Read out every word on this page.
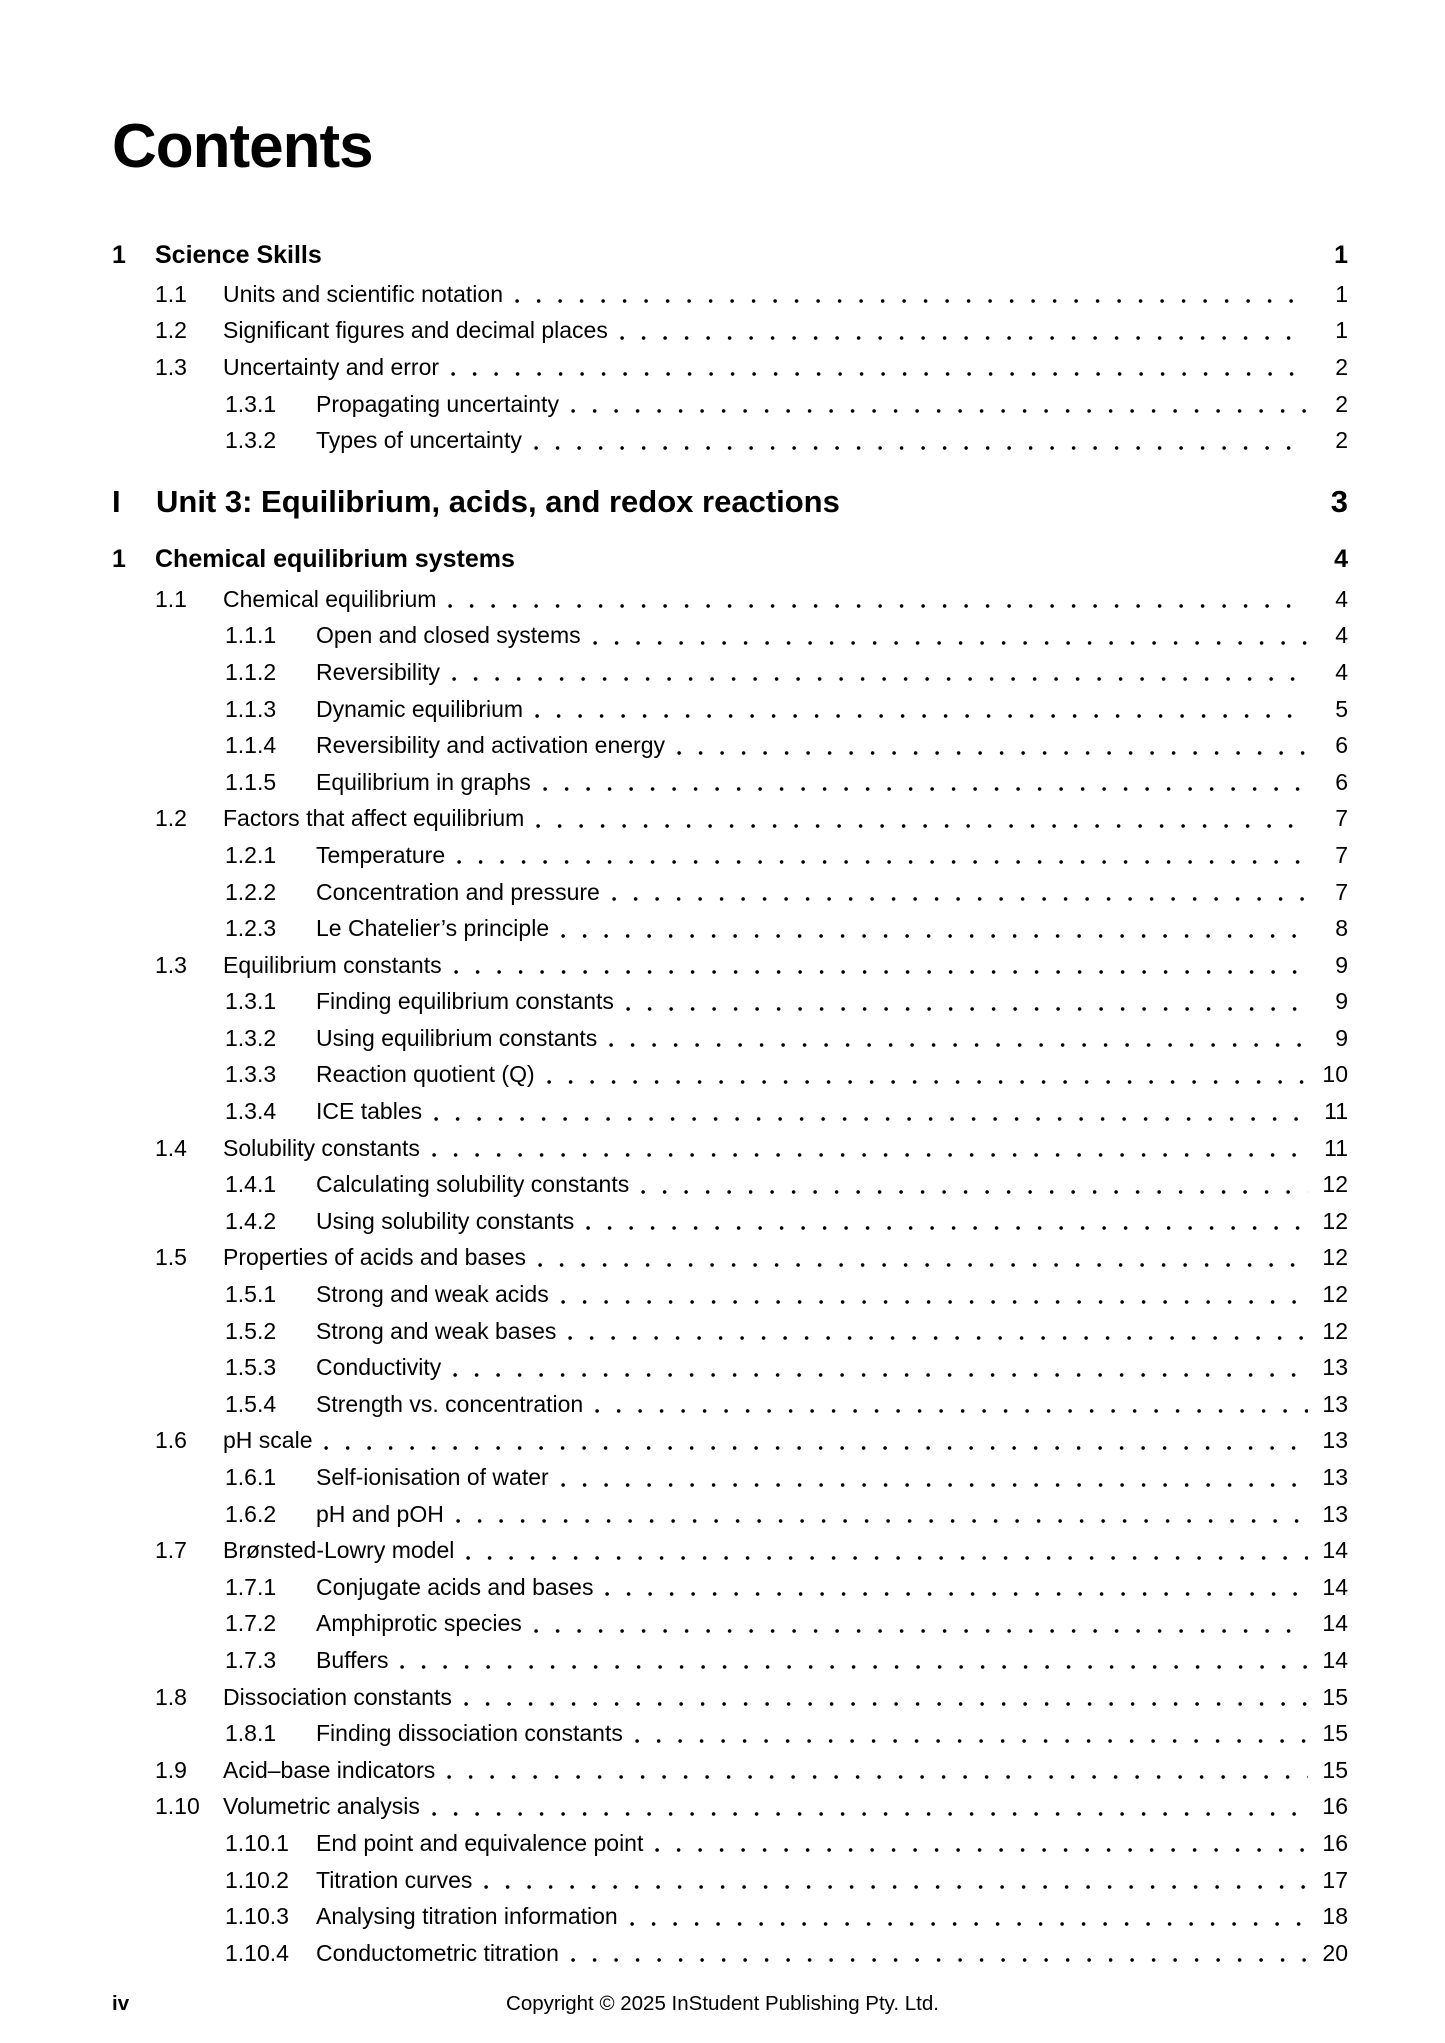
Contents
1	Science Skills	1
1.1	Units and scientific notation	1
1.2	Significant figures and decimal places	1
1.3	Uncertainty and error	2
1.3.1	Propagating uncertainty	2
1.3.2	Types of uncertainty	2
I	Unit 3: Equilibrium, acids, and redox reactions	3
1	Chemical equilibrium systems	4
1.1	Chemical equilibrium	4
1.1.1	Open and closed systems	4
1.1.2	Reversibility	4
1.1.3	Dynamic equilibrium	5
1.1.4	Reversibility and activation energy	6
1.1.5	Equilibrium in graphs	6
1.2	Factors that affect equilibrium	7
1.2.1	Temperature	7
1.2.2	Concentration and pressure	7
1.2.3	Le Chatelier’s principle	8
1.3	Equilibrium constants	9
1.3.1	Finding equilibrium constants	9
1.3.2	Using equilibrium constants	9
1.3.3	Reaction quotient (Q)	10
1.3.4	ICE tables	11
1.4	Solubility constants	11
1.4.1	Calculating solubility constants	12
1.4.2	Using solubility constants	12
1.5	Properties of acids and bases	12
1.5.1	Strong and weak acids	12
1.5.2	Strong and weak bases	12
1.5.3	Conductivity	13
1.5.4	Strength vs. concentration	13
1.6	pH scale	13
1.6.1	Self-ionisation of water	13
1.6.2	pH and pOH	13
1.7	Brønsted-Lowry model	14
1.7.1	Conjugate acids and bases	14
1.7.2	Amphiprotic species	14
1.7.3	Buffers	14
1.8	Dissociation constants	15
1.8.1	Finding dissociation constants	15
1.9	Acid–base indicators	15
1.10	Volumetric analysis	16
1.10.1	End point and equivalence point	16
1.10.2	Titration curves	17
1.10.3	Analysing titration information	18
1.10.4	Conductometric titration	20
iv	Copyright © 2025 InStudent Publishing Pty. Ltd.
